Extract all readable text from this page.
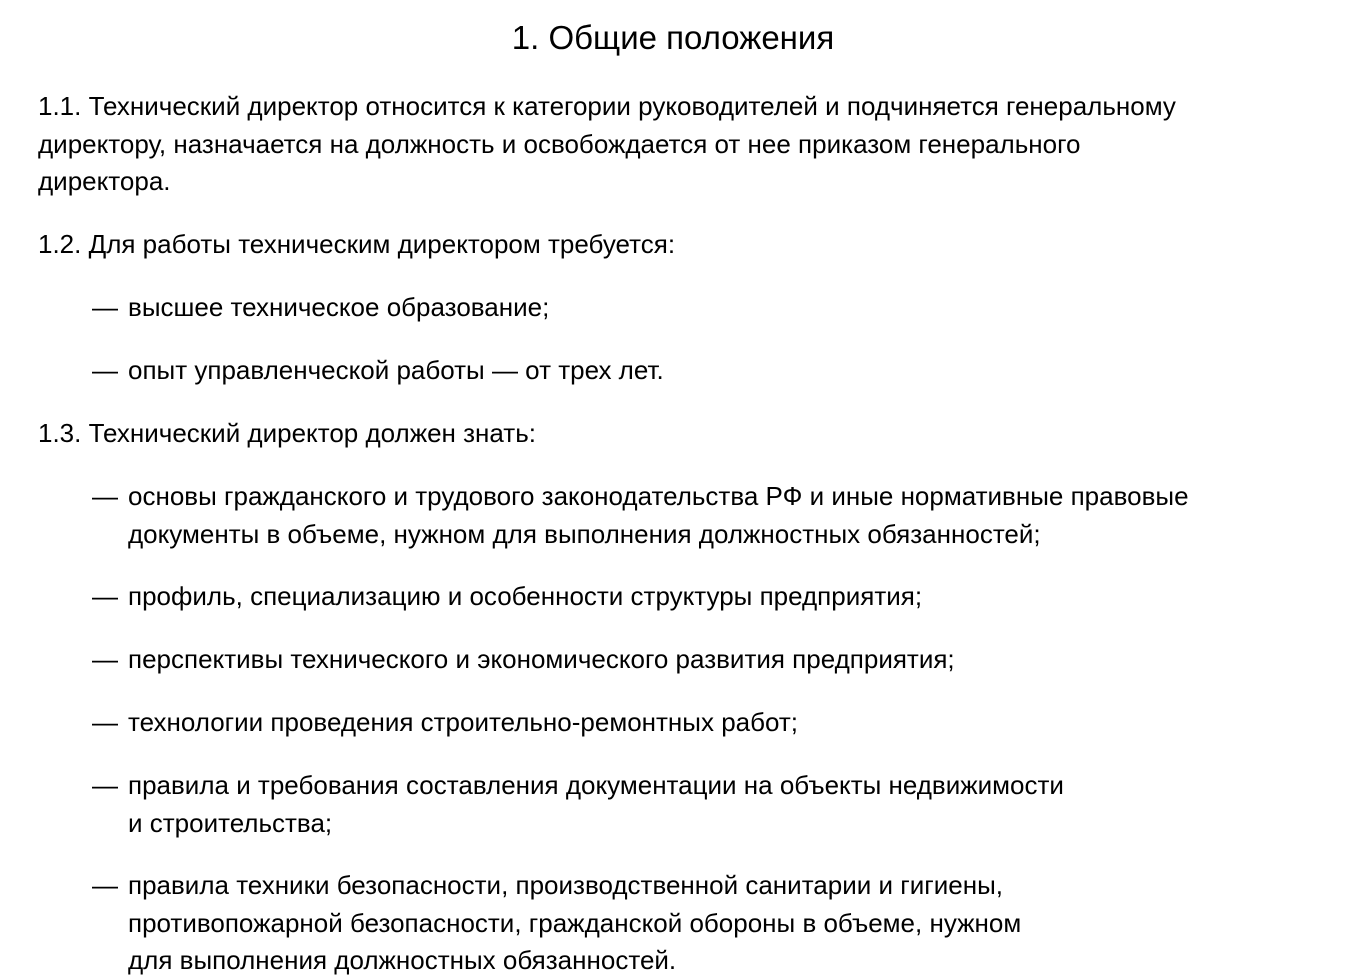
1. Общие положения
1.1. Технический директор относится к категории руководителей и подчиняется генеральному
директору, назначается на должность и освобождается от нее приказом генерального
директора.
1.2. Для работы техническим директором требуется:
— высшее техническое образование;
— опыт управленческой работы — от трех лет.
1.3. Технический директор должен знать:
— основы гражданского и трудового законодательства РФ и иные нормативные правовые
документы в объеме, нужном для выполнения должностных обязанностей;
— профиль, специализацию и особенности структуры предприятия;
— перспективы технического и экономического развития предприятия;
— технологии проведения строительно-ремонтных работ;
— правила и требования составления документации на объекты недвижимости
и строительства;
— правила техники безопасности, производственной санитарии и гигиены,
противопожарной безопасности, гражданской обороны в объеме, нужном
для выполнения должностных обязанностей.
